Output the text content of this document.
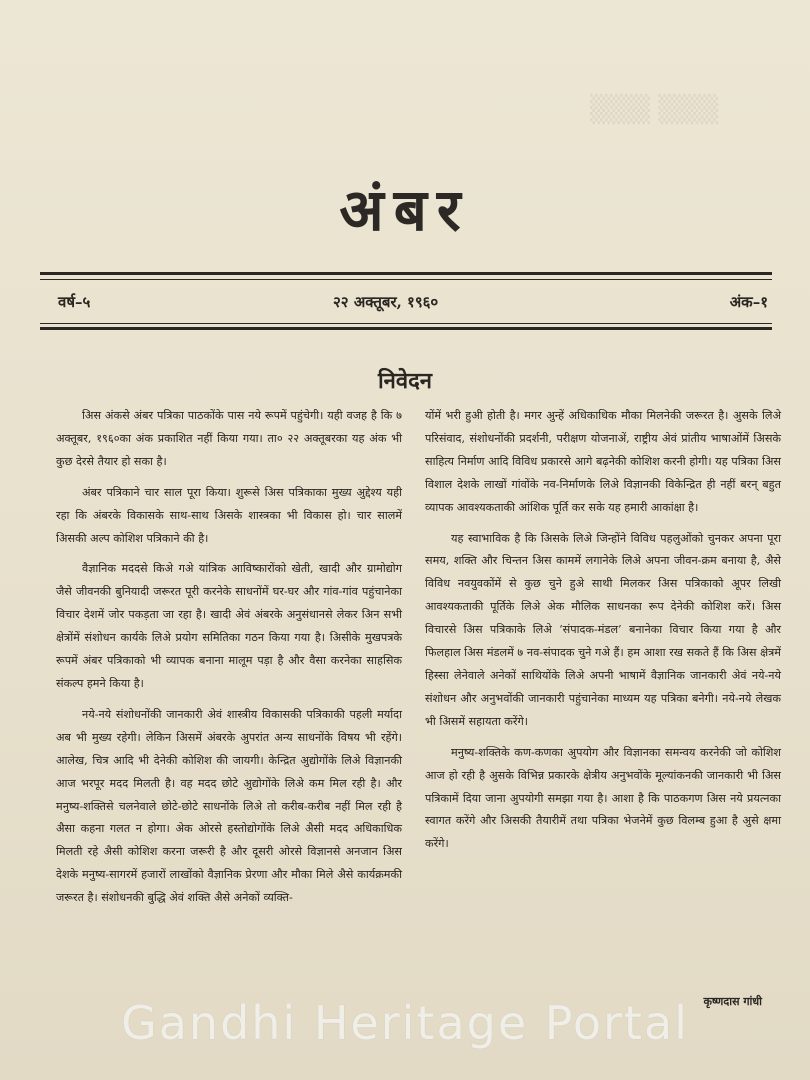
▒▒▒ ▒▒▒
अंबर
वर्ष–५	२२ अक्तूबर, १९६०	अंक–१
निवेदन

अिस अंकसे अंबर पत्रिका पाठकोंके पास नये रूपमें पहुंचेगी। यही वजह है कि ७ अक्तूबर, १९६०का अंक प्रकाशित नहीं किया गया। ता० २२ अक्तूबरका यह अंक भी कुछ देरसे तैयार हो सका है।

अंबर पत्रिकाने चार साल पूरा किया। शुरूसे अिस पत्रिकाका मुख्य अुद्देश्य यही रहा कि अंबरके विकासके साथ-साथ अिसके शास्त्रका भी विकास हो। चार सालमें अिसकी अल्प कोशिश पत्रिकाने की है।

वैज्ञानिक मददसे किअे गअे यांत्रिक आविष्कारोंको खेती, खादी और ग्रामोद्योग जैसे जीवनकी बुनियादी जरूरत पूरी करनेके साधनोंमें घर-घर और गांव-गांव पहुंचानेका विचार देशमें जोर पकड़ता जा रहा है। खादी अेवं अंबरके अनुसंधानसे लेकर अिन सभी क्षेत्रोंमें संशोधन कार्यके लिअे प्रयोग समितिका गठन किया गया है। अिसीके मुखपत्रके रूपमें अंबर पत्रिकाको भी व्यापक बनाना मालूम पड़ा है और वैसा करनेका साहसिक संकल्प हमने किया है।

नये-नये संशोधनोंकी जानकारी अेवं शास्त्रीय विकासकी पत्रिकाकी पहली मर्यादा अब भी मुख्य रहेगी। लेकिन अिसमें अंबरके अुपरांत अन्य साधनोंके विषय भी रहेंगे। आलेख, चित्र आदि भी देनेकी कोशिश की जायगी। केन्द्रित अुद्योगोंके लिअे विज्ञानकी आज भरपूर मदद मिलती है। वह मदद छोटे अुद्योगोंके लिअे कम मिल रही है। और मनुष्य-शक्तिसे चलनेवाले छोटे-छोटे साधनोंके लिअे तो करीब-करीब नहीं मिल रही है अैसा कहना गलत न होगा। अेक ओरसे हस्तोद्योगोंके लिअे अैसी मदद अधिकाधिक मिलती रहे अैसी कोशिश करना जरूरी है और दूसरी ओरसे विज्ञानसे अनजान अिस देशके मनुष्य-सागरमें हजारों लाखोंको वैज्ञानिक प्रेरणा और मौका मिले अैसे कार्यक्रमकी जरूरत है। संशोधनकी बुद्धि अेवं शक्ति अैसे अनेकों व्यक्ति-

योंमें भरी हुअी होती है। मगर अुन्हें अधिकाधिक मौका मिलनेकी जरूरत है। अुसके लिअे परिसंवाद, संशोधनोंकी प्रदर्शनी, परीक्षण योजनाअें, राष्ट्रीय अेवं प्रांतीय भाषाओंमें अिसके साहित्य निर्माण आदि विविध प्रकारसे आगे बढ़नेकी कोशिश करनी होगी। यह पत्रिका अिस विशाल देशके लाखों गांवोंके नव-निर्माणके लिअे विज्ञानकी विकेन्द्रित ही नहीं बरन् बहुत व्यापक आवश्यकताकी आंशिक पूर्ति कर सके यह हमारी आकांक्षा है।

यह स्वाभाविक है कि अिसके लिअे जिन्होंने विविध पहलुओंको चुनकर अपना पूरा समय, शक्ति और चिन्तन अिस काममें लगानेके लिअे अपना जीवन-क्रम बनाया है, अैसे विविध नवयुवकोंमें से कुछ चुने हुअे साथी मिलकर अिस पत्रिकाको अूपर लिखी आवश्यकताकी पूर्तिके लिअे अेक मौलिक साधनका रूप देनेकी कोशिश करें। अिस विचारसे अिस पत्रिकाके लिअे ‘संपादक-मंडल’ बनानेका विचार किया गया है और फिलहाल अिस मंडलमें ७ नव-संपादक चुने गअे हैं। हम आशा रख सकते हैं कि अिस क्षेत्रमें हिस्सा लेनेवाले अनेकों साथियोंके लिअे अपनी भाषामें वैज्ञानिक जानकारी अेवं नये-नये संशोधन और अनुभवोंकी जानकारी पहुंचानेका माध्यम यह पत्रिका बनेगी। नये-नये लेखक भी अिसमें सहायता करेंगे।

मनुष्य-शक्तिके कण-कणका अुपयोग और विज्ञानका समन्वय करनेकी जो कोशिश आज हो रही है अुसके विभिन्न प्रकारके क्षेत्रीय अनुभवोंके मूल्यांकनकी जानकारी भी अिस पत्रिकामें दिया जाना अुपयोगी समझा गया है। आशा है कि पाठकगण अिस नये प्रयत्नका स्वागत करेंगे और अिसकी तैयारीमें तथा पत्रिका भेजनेमें कुछ विलम्ब हुआ है अुसे क्षमा करेंगे।

कृष्णदास गांधी
Gandhi Heritage Portal
